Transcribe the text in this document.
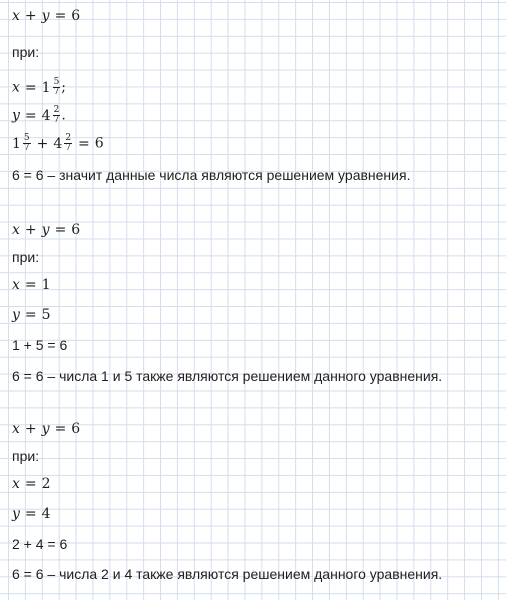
x + y = 6
при:
$x = 1 \frac{5}{7}$ ;
$y = 4 \frac{2}{7}$ .
$1 \frac{5}{7} + 4 \frac{2}{7} = 6$
6 = 6 – значит данные числа являются решением уравнения.
x + y = 6
при:
x = 1
y = 5
1 + 5 = 6
6 = 6 – числа 1 и 5 также являются решением данного уравнения.
x + y = 6
при:
x = 2
y = 4
2 + 4 = 6
6 = 6 – числа 2 и 4 также являются решением данного уравнения.
